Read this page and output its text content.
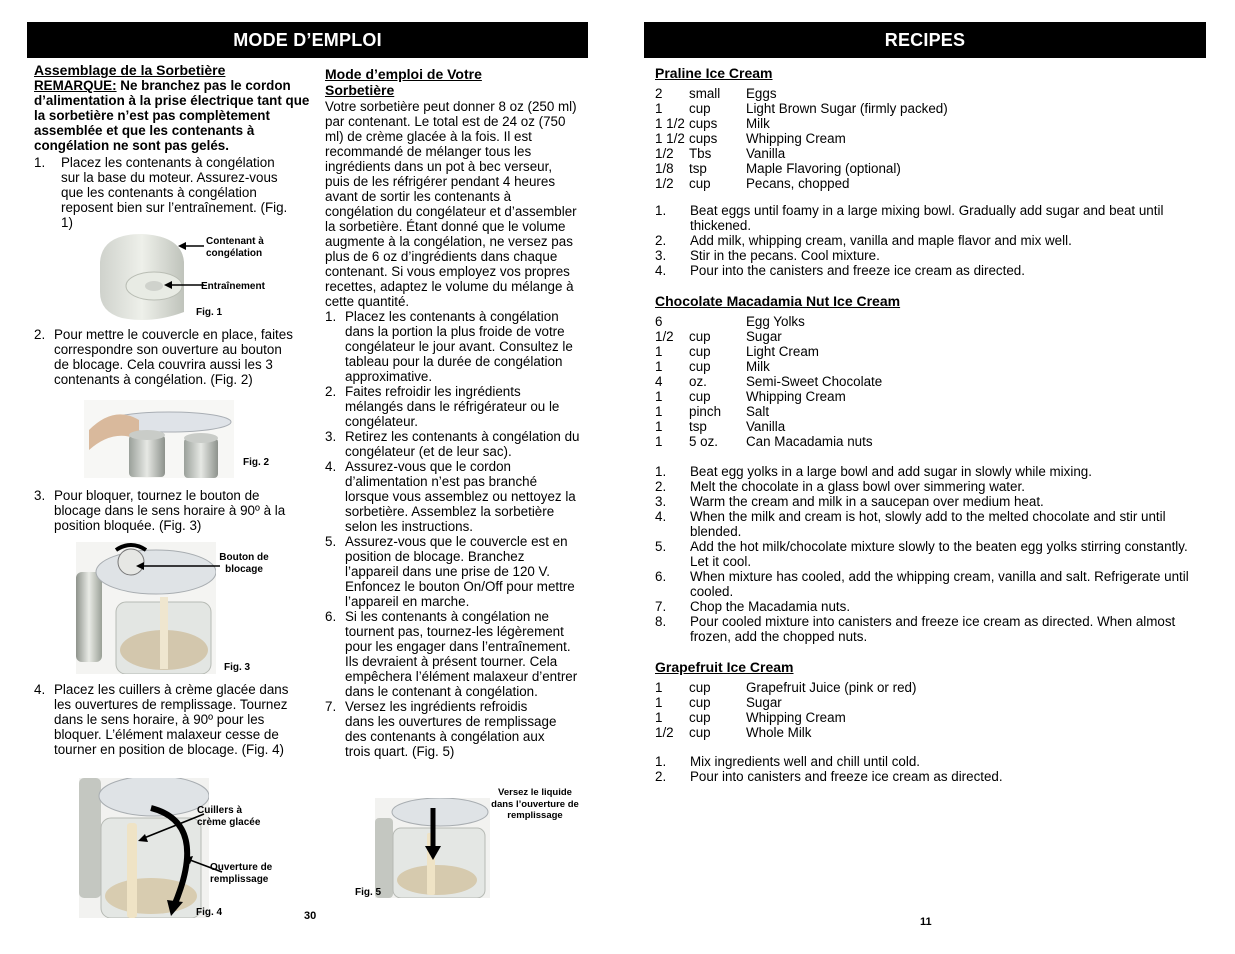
MODE D’EMPLOI
Assemblage de la Sorbetière
REMARQUE: Ne branchez pas le cordon d’alimentation à la prise électrique tant que la sorbetière n’est pas complètement assemblée et que les contenants à congélation ne sont pas gelés.
1. Placez les contenants à congélation sur la base du moteur. Assurez-vous que les contenants à congélation reposent bien sur l’entraînement. (Fig. 1)
Contenant à congélation
Entraînement
Fig. 1
2. Pour mettre le couvercle en place, faites correspondre son ouverture au bouton de blocage. Cela couvrira aussi les 3 contenants à congélation. (Fig. 2)
Fig. 2
3. Pour bloquer, tournez le bouton de blocage dans le sens horaire à 90º à la position bloquée. (Fig. 3)
Bouton de blocage
Fig. 3
4. Placez les cuillers à crème glacée dans les ouvertures de remplissage. Tournez dans le sens horaire, à 90º pour les bloquer. L’élément malaxeur cesse de tourner en position de blocage. (Fig. 4)
Cuillers à crème glacée
Ouverture de remplissage
Fig. 4
Mode d’emploi de Votre Sorbetière
Votre sorbetière peut donner 8 oz (250 ml) par contenant. Le total est de 24 oz (750 ml) de crème glacée à la fois. Il est recommandé de mélanger tous les ingrédients dans un pot à bec verseur, puis de les réfrigérer pendant 4 heures avant de sortir les contenants à congélation du congélateur et d’assembler la sorbetière. Étant donné que le volume augmente à la congélation, ne versez pas plus de 6 oz d’ingrédients dans chaque contenant. Si vous employez vos propres recettes, adaptez le volume du mélange à cette quantité.
1. Placez les contenants à congélation dans la portion la plus froide de votre congélateur le jour avant. Consultez le tableau pour la durée de congélation approximative.
2. Faites refroidir les ingrédients mélangés dans le réfrigérateur ou le congélateur.
3. Retirez les contenants à congélation du congélateur (et de leur sac).
4. Assurez-vous que le cordon d’alimentation n’est pas branché lorsque vous assemblez ou nettoyez la sorbetière. Assemblez la sorbetière selon les instructions.
5. Assurez-vous que le couvercle est en position de blocage. Branchez l’appareil dans une prise de 120 V. Enfoncez le bouton On/Off pour mettre l’appareil en marche.
6. Si les contenants à congélation ne tournent pas, tournez-les légèrement pour les engager dans l’entraînement. Ils devraient à présent tourner. Cela empêchera l’élément malaxeur d’entrer dans le contenant à congélation.
7. Versez les ingrédients refroidis dans les ouvertures de remplissage des contenants à congélation aux trois quart. (Fig. 5)
Versez le liquide dans l’ouverture de remplissage
Fig. 5
30
RECIPES
Praline Ice Cream
2	small	Eggs
1	cup	Light Brown Sugar (firmly packed)
1 1/2 cups	Milk
1 1/2 cups	Whipping Cream
1/2	Tbs	Vanilla
1/8	tsp	Maple Flavoring (optional)
1/2	cup	Pecans, chopped
1.	Beat eggs until foamy in a large mixing bowl. Gradually add sugar and beat until thickened.
2.	Add milk, whipping cream, vanilla and maple flavor and mix well.
3.	Stir in the pecans. Cool mixture.
4.	Pour into the canisters and freeze ice cream as directed.
Chocolate Macadamia Nut Ice Cream
6	Egg Yolks
1/2	cup	Sugar
1	cup	Light Cream
1	cup	Milk
4	oz.	Semi-Sweet Chocolate
1	cup	Whipping Cream
1	pinch	Salt
1	tsp	Vanilla
1	5 oz.	Can Macadamia nuts
1.	Beat egg yolks in a large bowl and add sugar in slowly while mixing.
2.	Melt the chocolate in a glass bowl over simmering water.
3.	Warm the cream and milk in a saucepan over medium heat.
4.	When the milk and cream is hot, slowly add to the melted chocolate and stir until blended.
5.	Add the hot milk/chocolate mixture slowly to the beaten egg yolks stirring constantly. Let it cool.
6.	When mixture has cooled, add the whipping cream, vanilla and salt. Refrigerate until cooled.
7.	Chop the Macadamia nuts.
8.	Pour cooled mixture into canisters and freeze ice cream as directed. When almost frozen, add the chopped nuts.
Grapefruit Ice Cream
1	cup	Grapefruit Juice (pink or red)
1	cup	Sugar
1	cup	Whipping Cream
1/2	cup	Whole Milk
1.	Mix ingredients well and chill until cold.
2.	Pour into canisters and freeze ice cream as directed.
11
